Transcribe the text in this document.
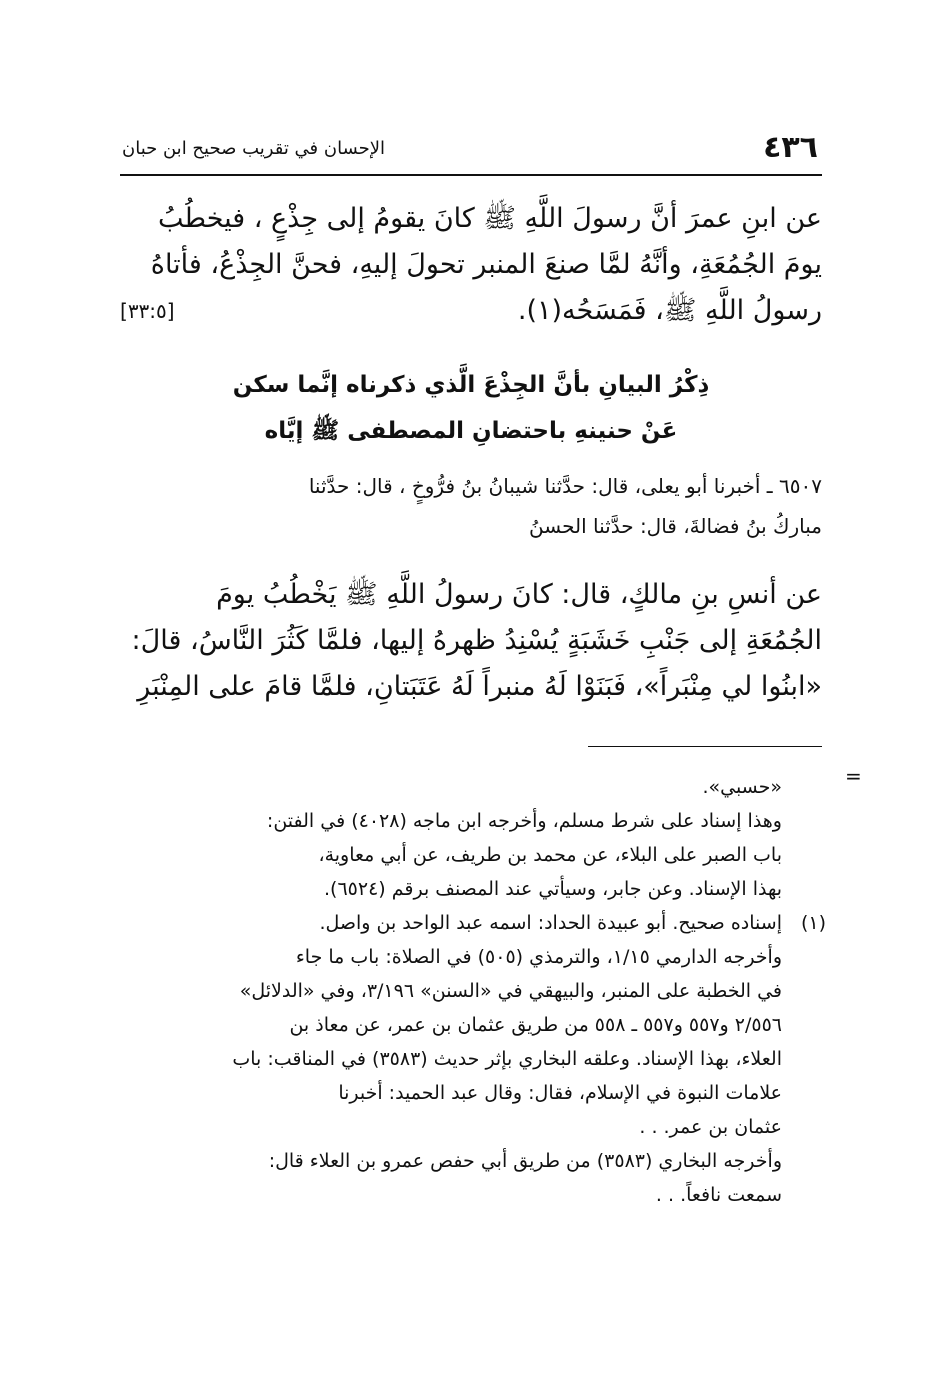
٤٣٦
الإحسان في تقريب صحيح ابن حبان
عن ابنِ عمرَ أنَّ رسولَ اللَّهِ ﷺ كانَ يقومُ إلى جِذْعٍ ، فيخطُبُ
يومَ الجُمُعَةِ، وأنَّهُ لمَّا صنعَ المنبر تحولَ إليهِ، فحنَّ الجِذْعُ، فأتاهُ
رسولُ اللَّهِ ﷺ، فَمَسَحُه(١).
[٣٣:٥]
ذِكْرُ البيانِ بأنَّ الجِذْعَ الَّذي ذكرناه إنَّما سكن
عَنْ حنينهِ باحتضانِ المصطفى ﷺ إيَّاه
٦٥٠٧ ـ أخبرنا أبو يعلى، قال: حدَّثنا شيبانُ بنُ فرُّوخٍ ، قال: حدَّثنا
مباركُ بنُ فضالةَ، قال: حدَّثنا الحسنُ
عن أنسِ بنِ مالكٍ، قال: كانَ رسولُ اللَّهِ ﷺ يَخْطُبُ يومَ
الجُمُعَةِ إلى جَنْبِ خَشَبَةٍ يُسْنِدُ ظهرهُ إليها، فلمَّا كَثُرَ النَّاسُ، قالَ:
«ابنُوا لي مِنْبَراً»، فَبَنَوْا لَهُ منبراً لَهُ عَتَبَتانِ، فلمَّا قامَ على المِنْبَرِ
=
«حسبي».
وهذا إسناد على شرط مسلم، وأخرجه ابن ماجه (٤٠٢٨) في الفتن:
باب الصبر على البلاء، عن محمد بن طريف، عن أبي معاوية،
بهذا الإسناد. وعن جابر، وسيأتي عند المصنف برقم (٦٥٢٤).
(١)
إسناده صحيح. أبو عبيدة الحداد: اسمه عبد الواحد بن واصل.
وأخرجه الدارمي ١/١٥، والترمذي (٥٠٥) في الصلاة: باب ما جاء
في الخطبة على المنبر، والبيهقي في «السنن» ٣/١٩٦، وفي «الدلائل»
٢/٥٥٦ و٥٥٧ و٥٥٧ ـ ٥٥٨ من طريق عثمان بن عمر، عن معاذ بن
العلاء، بهذا الإسناد. وعلقه البخاري بإثر حديث (٣٥٨٣) في المناقب: باب
علامات النبوة في الإسلام، فقال: وقال عبد الحميد: أخبرنا
عثمان بن عمر. . .
وأخرجه البخاري (٣٥٨٣) من طريق أبي حفص عمرو بن العلاء قال:
سمعت نافعاً. . .
